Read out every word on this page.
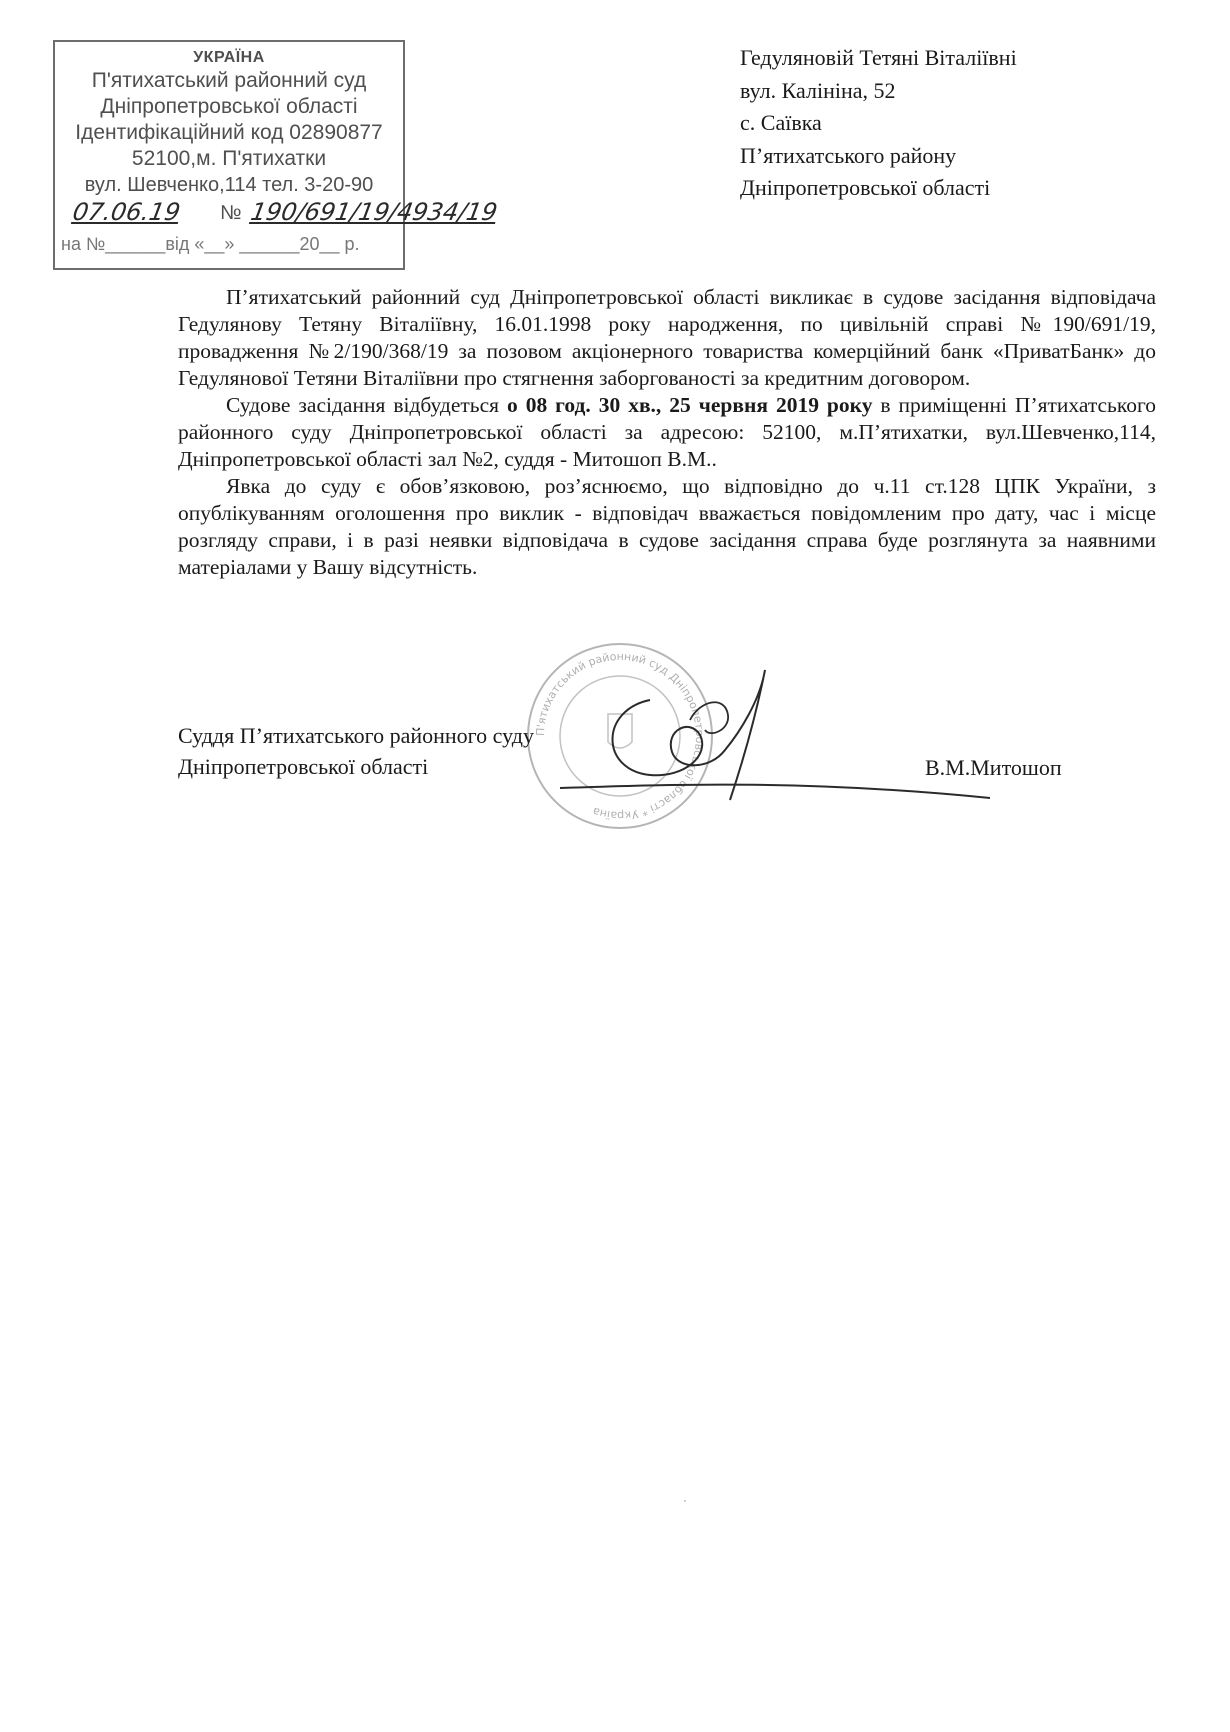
УКРАЇНА
П'ятихатський районний суд
Дніпропетровської області
Ідентифікаційний код 02890877
52100,м. П'ятихатки
вул. Шевченко,114 тел. 3-20-90
07.06.19 № 190/691/19/4934/19
на №______від «__» ______20__ р.
Гедуляновій Тетяні Віталіївні
вул. Калініна, 52
с. Саївка
П’ятихатського району
Дніпропетровської області

П’ятихатський районний суд Дніпропетровської області викликає в судове засідання відповідача Гедулянову Тетяну Віталіївну, 16.01.1998 року народження, по цивільній справі №190/691/19, провадження №2/190/368/19 за позовом акціонерного товариства комерційний банк «ПриватБанк» до Гедулянової Тетяни Віталіївни про стягнення заборгованості за кредитним договором.

Судове засідання відбудеться о 08 год. 30 хв., 25 червня 2019 року в приміщенні П’ятихатського районного суду Дніпропетровської області за адресою: 52100, м.П’ятихатки, вул.Шевченко,114, Дніпропетровської області зал №2, суддя - Митошоп В.М..

Явка до суду є обов’язковою, роз’яснюємо, що відповідно до ч.11 ст.128 ЦПК України, з опублікуванням оголошення про виклик - відповідач вважається повідомленим про дату, час і місце розгляду справи, і в разі неявки відповідача в судове засідання справа буде розглянута за наявними матеріалами у Вашу відсутність.

П'ятихатський районний суд Дніпропетровської області * Україна
Суддя П’ятихатського районного суду
Дніпропетровської області	В.М.Митошоп
